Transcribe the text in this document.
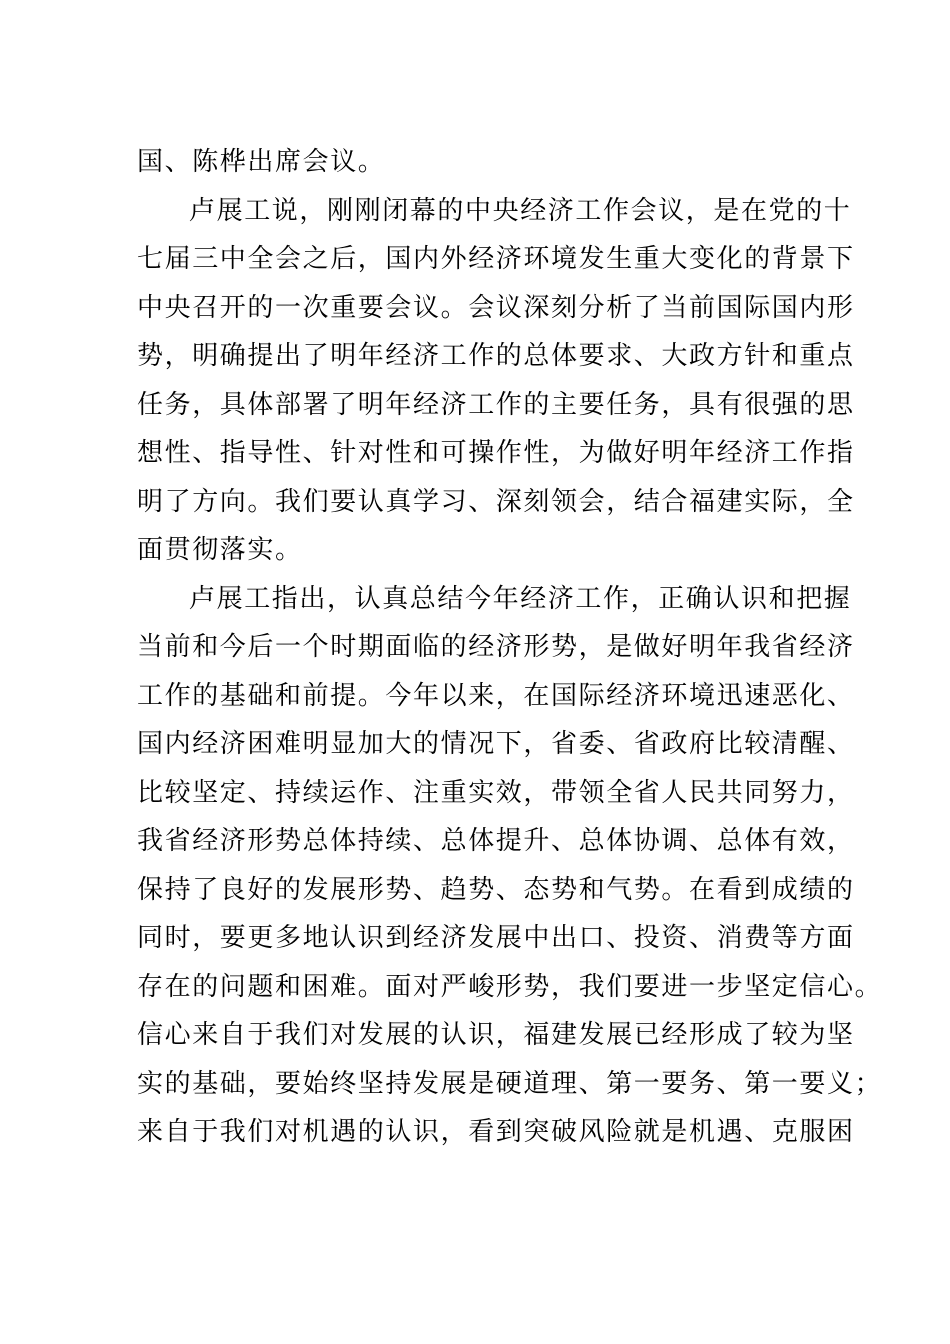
国、陈桦出席会议。
卢展工说，刚刚闭幕的中央经济工作会议，是在党的十
七届三中全会之后，国内外经济环境发生重大变化的背景下
中央召开的一次重要会议。会议深刻分析了当前国际国内形
势，明确提出了明年经济工作的总体要求、大政方针和重点
任务，具体部署了明年经济工作的主要任务，具有很强的思
想性、指导性、针对性和可操作性，为做好明年经济工作指
明了方向。我们要认真学习、深刻领会，结合福建实际，全
面贯彻落实。
卢展工指出，认真总结今年经济工作，正确认识和把握
当前和今后一个时期面临的经济形势，是做好明年我省经济
工作的基础和前提。今年以来，在国际经济环境迅速恶化、
国内经济困难明显加大的情况下，省委、省政府比较清醒、
比较坚定、持续运作、注重实效，带领全省人民共同努力，
我省经济形势总体持续、总体提升、总体协调、总体有效，
保持了良好的发展形势、趋势、态势和气势。在看到成绩的
同时，要更多地认识到经济发展中出口、投资、消费等方面
存在的问题和困难。面对严峻形势，我们要进一步坚定信心。
信心来自于我们对发展的认识，福建发展已经形成了较为坚
实的基础，要始终坚持发展是硬道理、第一要务、第一要义；
来自于我们对机遇的认识，看到突破风险就是机遇、克服困
